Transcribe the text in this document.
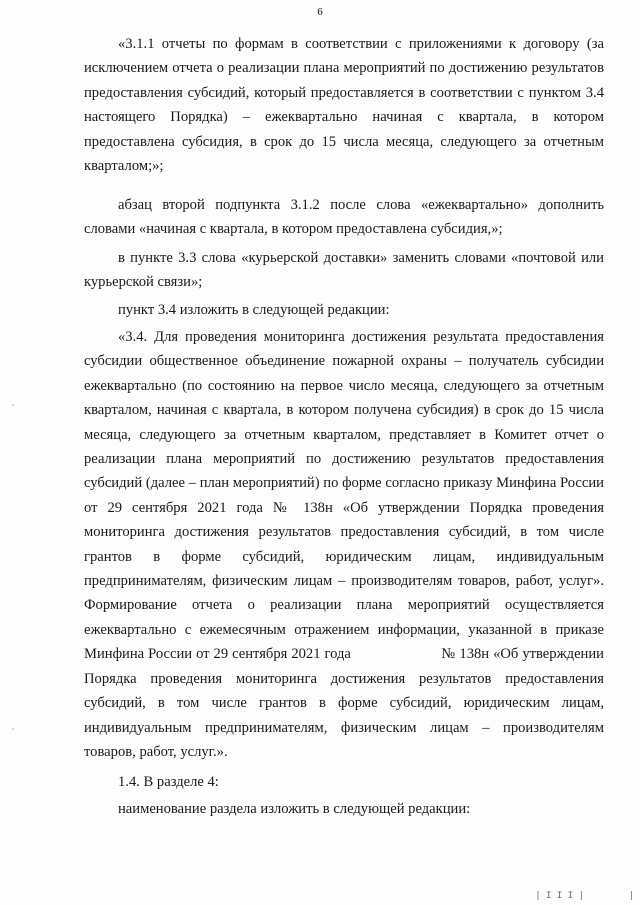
6

«3.1.1 отчеты по формам в соответствии с приложениями к договору (за исключением отчета о реализации плана мероприятий по достижению результатов предоставления субсидий, который предоставляется в соответствии с пунктом 3.4 настоящего Порядка) – ежеквартально начиная с квартала, в котором предоставлена субсидия, в срок до 15 числа месяца, следующего за отчетным кварталом;»;

абзац второй подпункта 3.1.2 после слова «ежеквартально» дополнить словами «начиная с квартала, в котором предоставлена субсидия,»;

в пункте 3.3 слова «курьерской доставки» заменить словами «почтовой или курьерской связи»;

пункт 3.4 изложить в следующей редакции:

«3.4. Для проведения мониторинга достижения результата предоставления субсидии общественное объединение пожарной охраны – получатель субсидии ежеквартально (по состоянию на первое число месяца, следующего за отчетным кварталом, начиная с квартала, в котором получена субсидия) в срок до 15 числа месяца, следующего за отчетным кварталом, представляет в Комитет отчет о реализации плана мероприятий по достижению результатов предоставления субсидий (далее – план мероприятий) по форме согласно приказу Минфина России от 29 сентября 2021 года № 138н «Об утверждении Порядка проведения мониторинга достижения результатов предоставления субсидий, в том числе грантов в форме субсидий, юридическим лицам, индивидуальным предпринимателям, физическим лицам – производителям товаров, работ, услуг». Формирование отчета о реализации плана мероприятий осуществляется ежеквартально с ежемесячным отражением информации, указанной в приказе Минфина России от 29 сентября 2021 года	№ 138н «Об утверждении Порядка проведения мониторинга достижения результатов предоставления субсидий, в том числе грантов в форме субсидий, юридическим лицам, индивидуальным предпринимателям, физическим лицам – производителям товаров, работ, услуг.».

1.4. В разделе 4:

наименование раздела изложить в следующей редакции:

| I I I |	|
